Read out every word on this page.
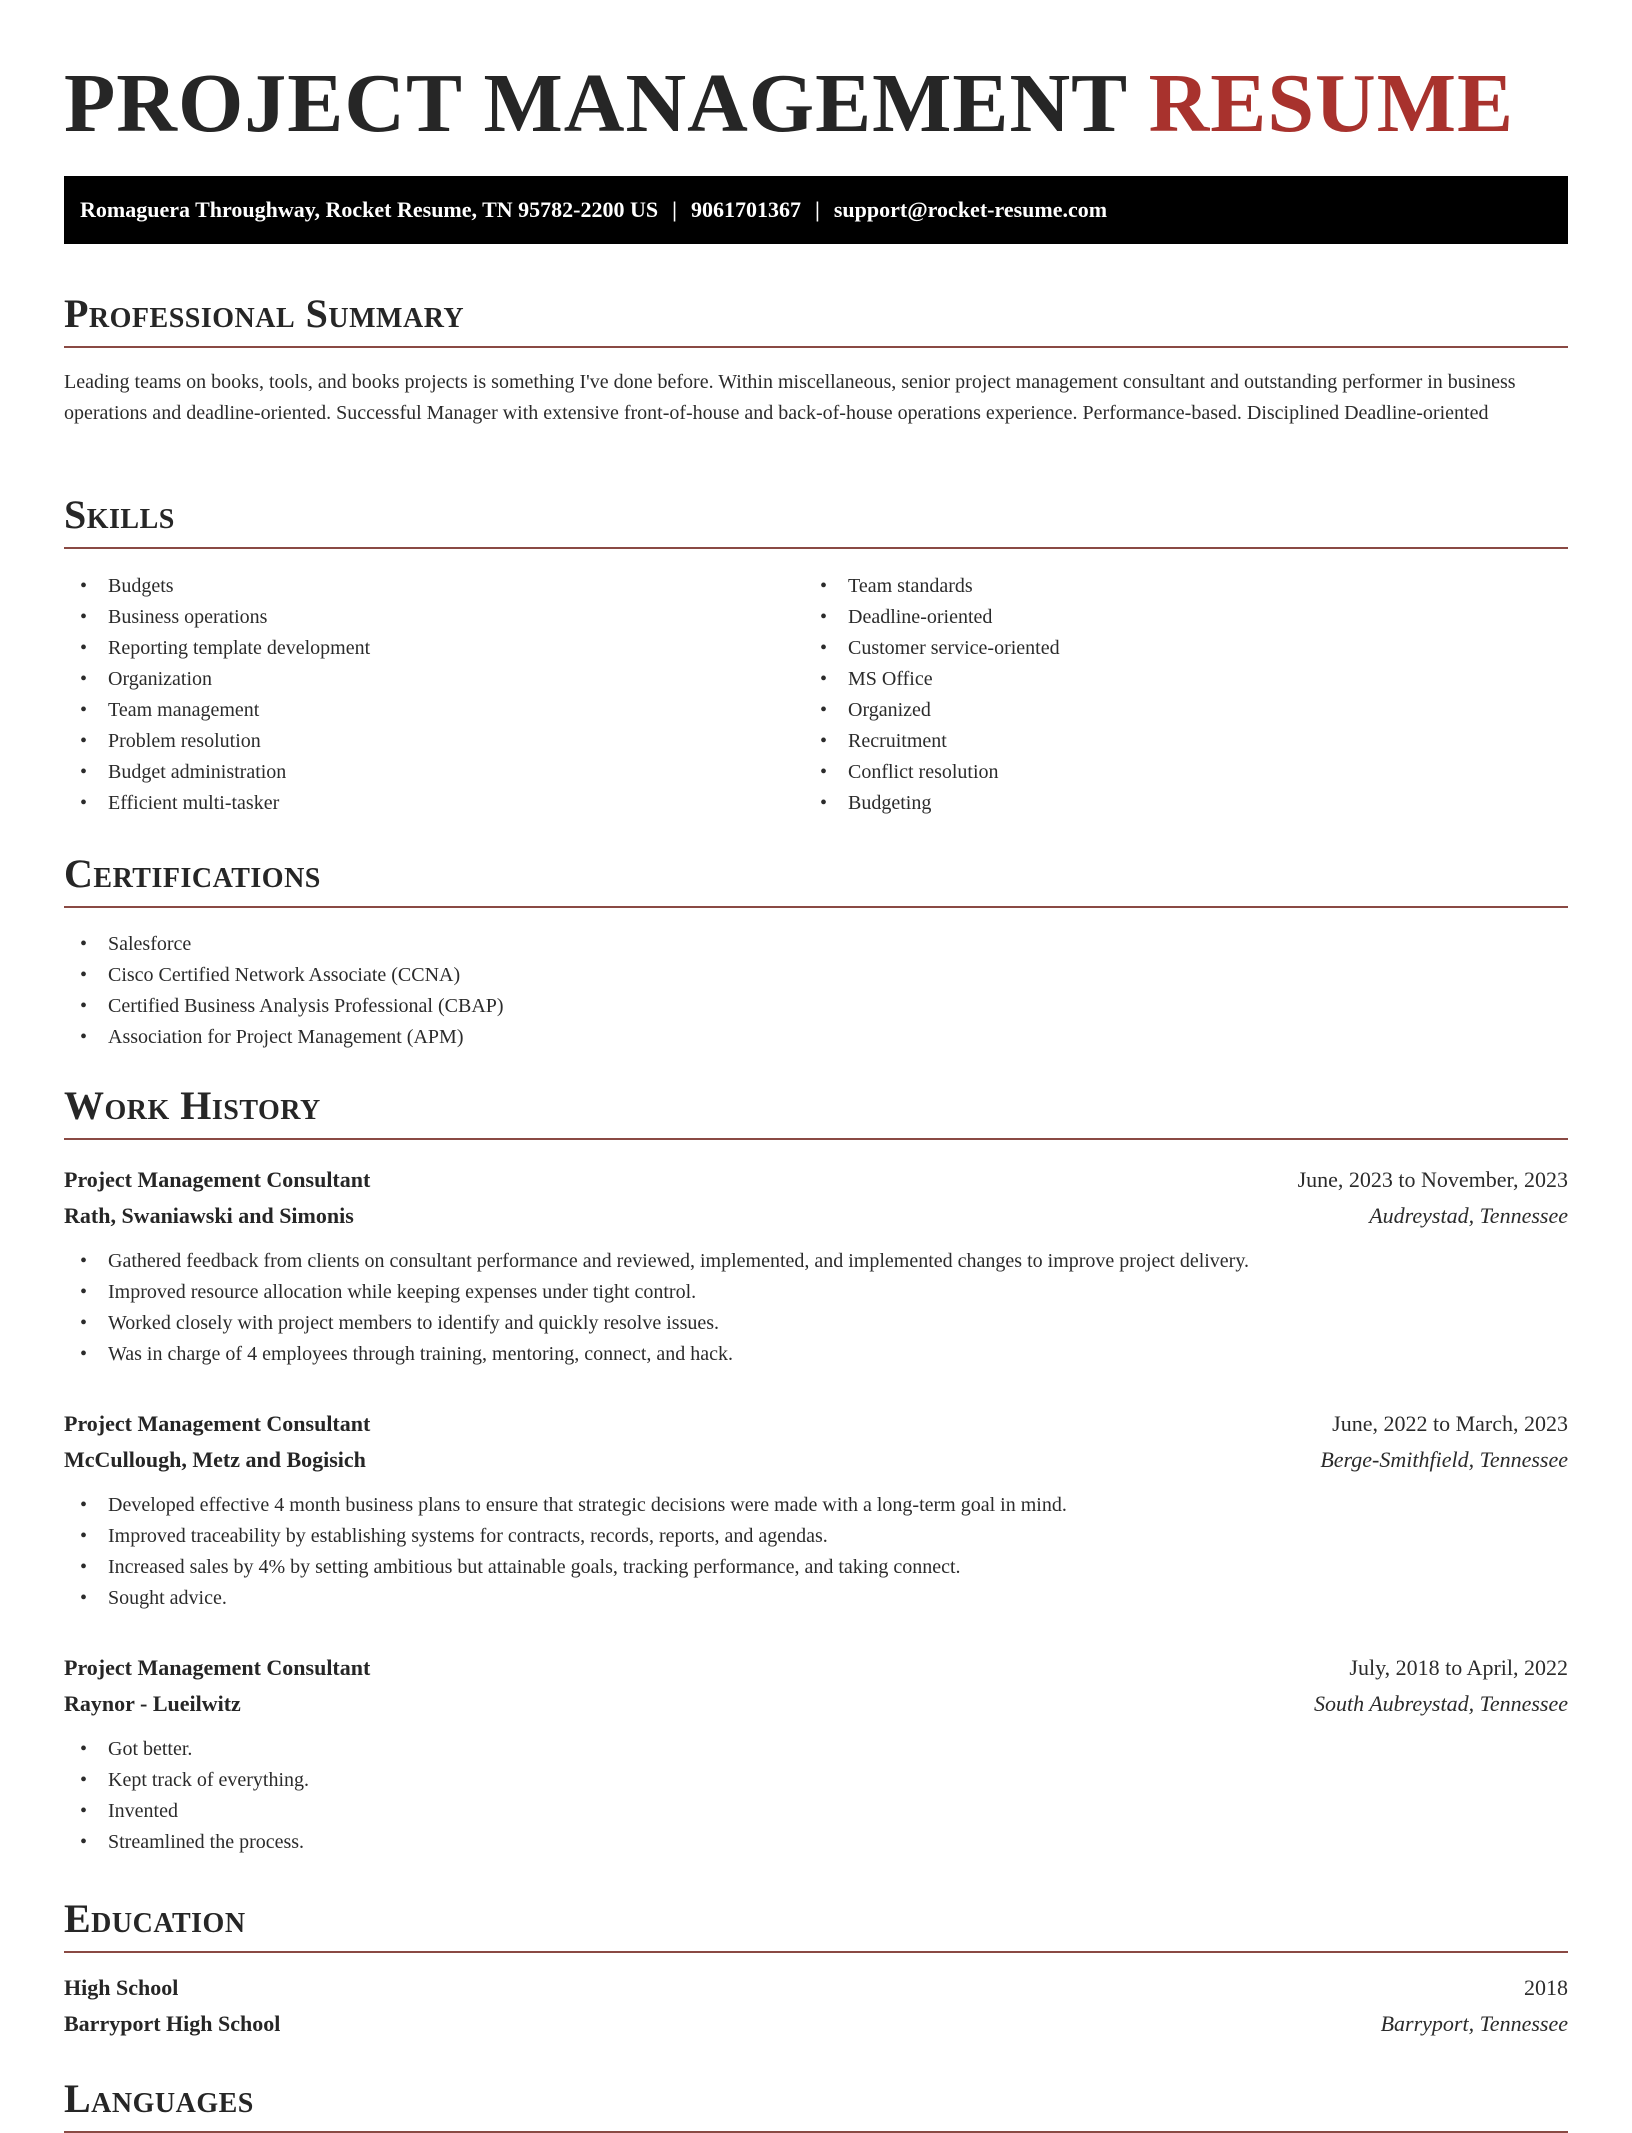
PROJECT MANAGEMENT RESUME
Romaguera Throughway, Rocket Resume, TN 95782-2200 US | 9061701367 | support@rocket-resume.com
Professional Summary

Leading teams on books, tools, and books projects is something I've done before. Within miscellaneous, senior project management consultant and outstanding performer in business operations and deadline-oriented. Successful Manager with extensive front-of-house and back-of-house operations experience. Performance-based. Disciplined Deadline-oriented

Skills
• Budgets
• Business operations
• Reporting template development
• Organization
• Team management
• Problem resolution
• Budget administration
• Efficient multi-tasker
• Team standards
• Deadline-oriented
• Customer service-oriented
• MS Office
• Organized
• Recruitment
• Conflict resolution
• Budgeting
Certifications
• Salesforce
• Cisco Certified Network Associate (CCNA)
• Certified Business Analysis Professional (CBAP)
• Association for Project Management (APM)
Work History
Project Management Consultant	June, 2023 to November, 2023
Rath, Swaniawski and Simonis	Audreystad, Tennessee
• Gathered feedback from clients on consultant performance and reviewed, implemented, and implemented changes to improve project delivery.
• Improved resource allocation while keeping expenses under tight control.
• Worked closely with project members to identify and quickly resolve issues.
• Was in charge of 4 employees through training, mentoring, connect, and hack.
Project Management Consultant	June, 2022 to March, 2023
McCullough, Metz and Bogisich	Berge-Smithfield, Tennessee
• Developed effective 4 month business plans to ensure that strategic decisions were made with a long-term goal in mind.
• Improved traceability by establishing systems for contracts, records, reports, and agendas.
• Increased sales by 4% by setting ambitious but attainable goals, tracking performance, and taking connect.
• Sought advice.
Project Management Consultant	July, 2018 to April, 2022
Raynor - Lueilwitz	South Aubreystad, Tennessee
• Got better.
• Kept track of everything.
• Invented
• Streamlined the process.
Education
High School	2018
Barryport High School	Barryport, Tennessee
Languages
